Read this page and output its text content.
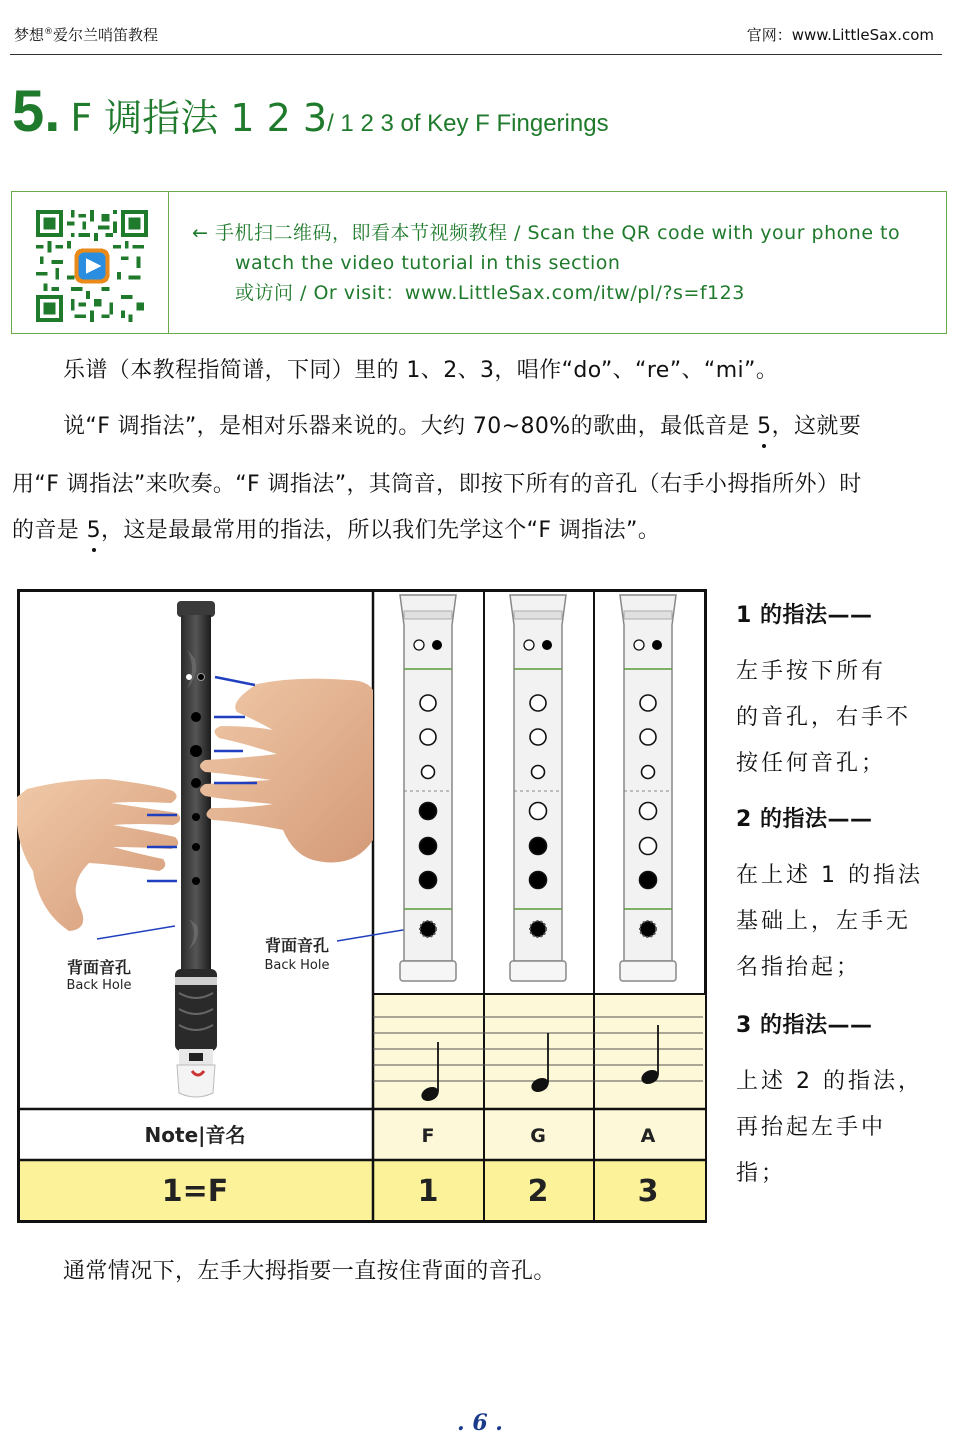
梦想®爱尔兰哨笛教程	官网：www.LittleSax.com
5. F 调指法 1 2 3/ 1 2 3 of Key F Fingerings
← 手机扫二维码，即看本节视频教程 / Scan the QR code with your phone to
watch the video tutorial in this section
或访问 / Or visit：www.LittleSax.com/itw/pl/?s=f123
乐谱（本教程指简谱，下同）里的 1、2、3，唱作“do”、“re”、“mi”。
说“F 调指法”，是相对乐器来说的。大约 70~80%的歌曲，最低音是 5，这就要
用“F 调指法”来吹奏。“F 调指法”，其筒音，即按下所有的音孔（右手小拇指所外）时
的音是 5，这是最最常用的指法，所以我们先学这个“F 调指法”。
背面音孔
Back Hole
背面音孔
Back Hole
Note|音名
1=F
F
1
G
2
A
3
1 的指法——
左手按下所有
的音孔，右手不
按任何音孔；
2 的指法——
在上述 1 的指法
基础上，左手无
名指抬起；
3 的指法——
上述 2 的指法，
再抬起左手中
指；
通常情况下，左手大拇指要一直按住背面的音孔。
. 6 .
